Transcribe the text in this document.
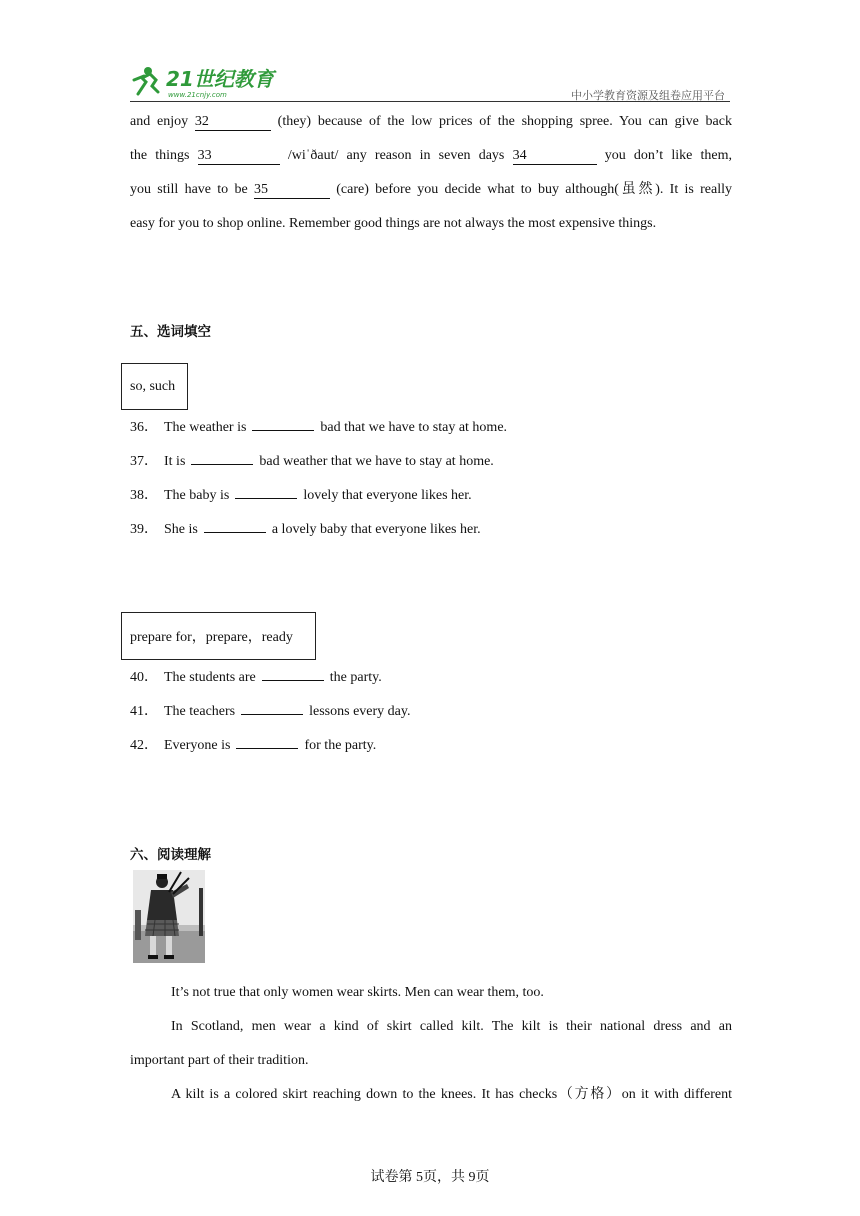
21世纪教育
www.21cnjy.com	中小学教育资源及组卷应用平台
and enjoy 32	(they) because of the low prices of the shopping spree. You can give back
the things 33	/wiˈðaut/ any reason in seven days 34	you don’t like them,
you still have to be 35	(care) before you decide what to buy although(虽然). It is really
easy for you to shop online. Remember good things are not always the most expensive things.
五、选词填空
so, such
36． The weather is	bad that we have to stay at home.
37． It is	bad weather that we have to stay at home.
38． The baby is	lovely that everyone likes her.
39． She is	a lovely baby that everyone likes her.
prepare for，prepare，ready
40． The students are	the party.
41． The teachers	lessons every day.
42． Everyone is	for the party.
六、阅读理解
It’s not true that only women wear skirts. Men can wear them, too.
In Scotland, men wear a kind of skirt called kilt. The kilt is their national dress and an
important part of their tradition.
A kilt is a colored skirt reaching down to the knees. It has checks（方格）on it with different
试卷第 5页，共 9页
